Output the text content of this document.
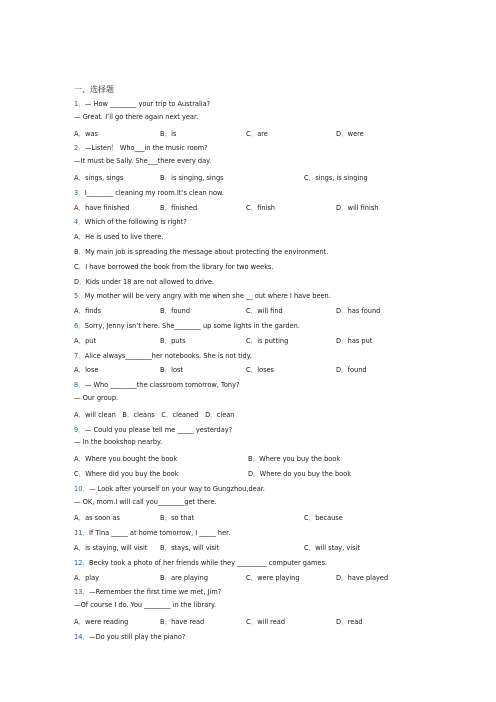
一、选择题
1．— How ________ your trip to Australia?
— Great. I’ll go there again next year.
A．was	B．is	C．are	D．were
2．—Listen！ Who___in the music room?
—It must be Sally. She___there every day.
A．sings, sings	B．is singing, sings	C．sings, is singing
3．I________ cleaning my room.It’s clean now.
A．have finished	B．finished	C．finish	D．will finish
4．Which of the following is right?
A．He is used to live there.
B．My main job is spreading the message about protecting the environment.
C．I have borrowed the book from the library for two weeks.
D．Kids under 18 are not allowed to drive.
5．My mother will be very angry with me when she __ out where I have been.
A．finds	B．found	C．will find	D．has found
6．Sorry, Jenny isn’t here. She________ up some lights in the garden.
A．put	B．puts	C．is putting	D．has put
7．Alice always________her notebooks. She is not tidy.
A．lose	B．lost	C．loses	D．found
8．— Who ________the classroom tomorrow, Tony?
— Our group.
A．will clean　B．cleans　C．cleaned　D．clean
9．— Could you please tell me _____ yesterday?
— In the bookshop nearby.
A．Where you bought the book	B．Where you buy the book
C．Where did you buy the book	D．Where do you buy the book
10．— Look after yourself on your way to Gungzhou,dear.
— OK, mom.I will call you________get there.
A．as soon as	B．so that	C．because
11．If Tina _____ at home tomorrow, I _____ her.
A．is staying, will visit B．stays, will visit	C．will stay, visit
12．Becky took a photo of her friends while they _________ computer games.
A．play	B．are playing	C．were playing	D．have played
13．—Remember the first time we met, Jim?
—Of course I do. You ________ in the library.
A．were reading	B．have read	C．will read	D．read
14．—Do you still play the piano?
